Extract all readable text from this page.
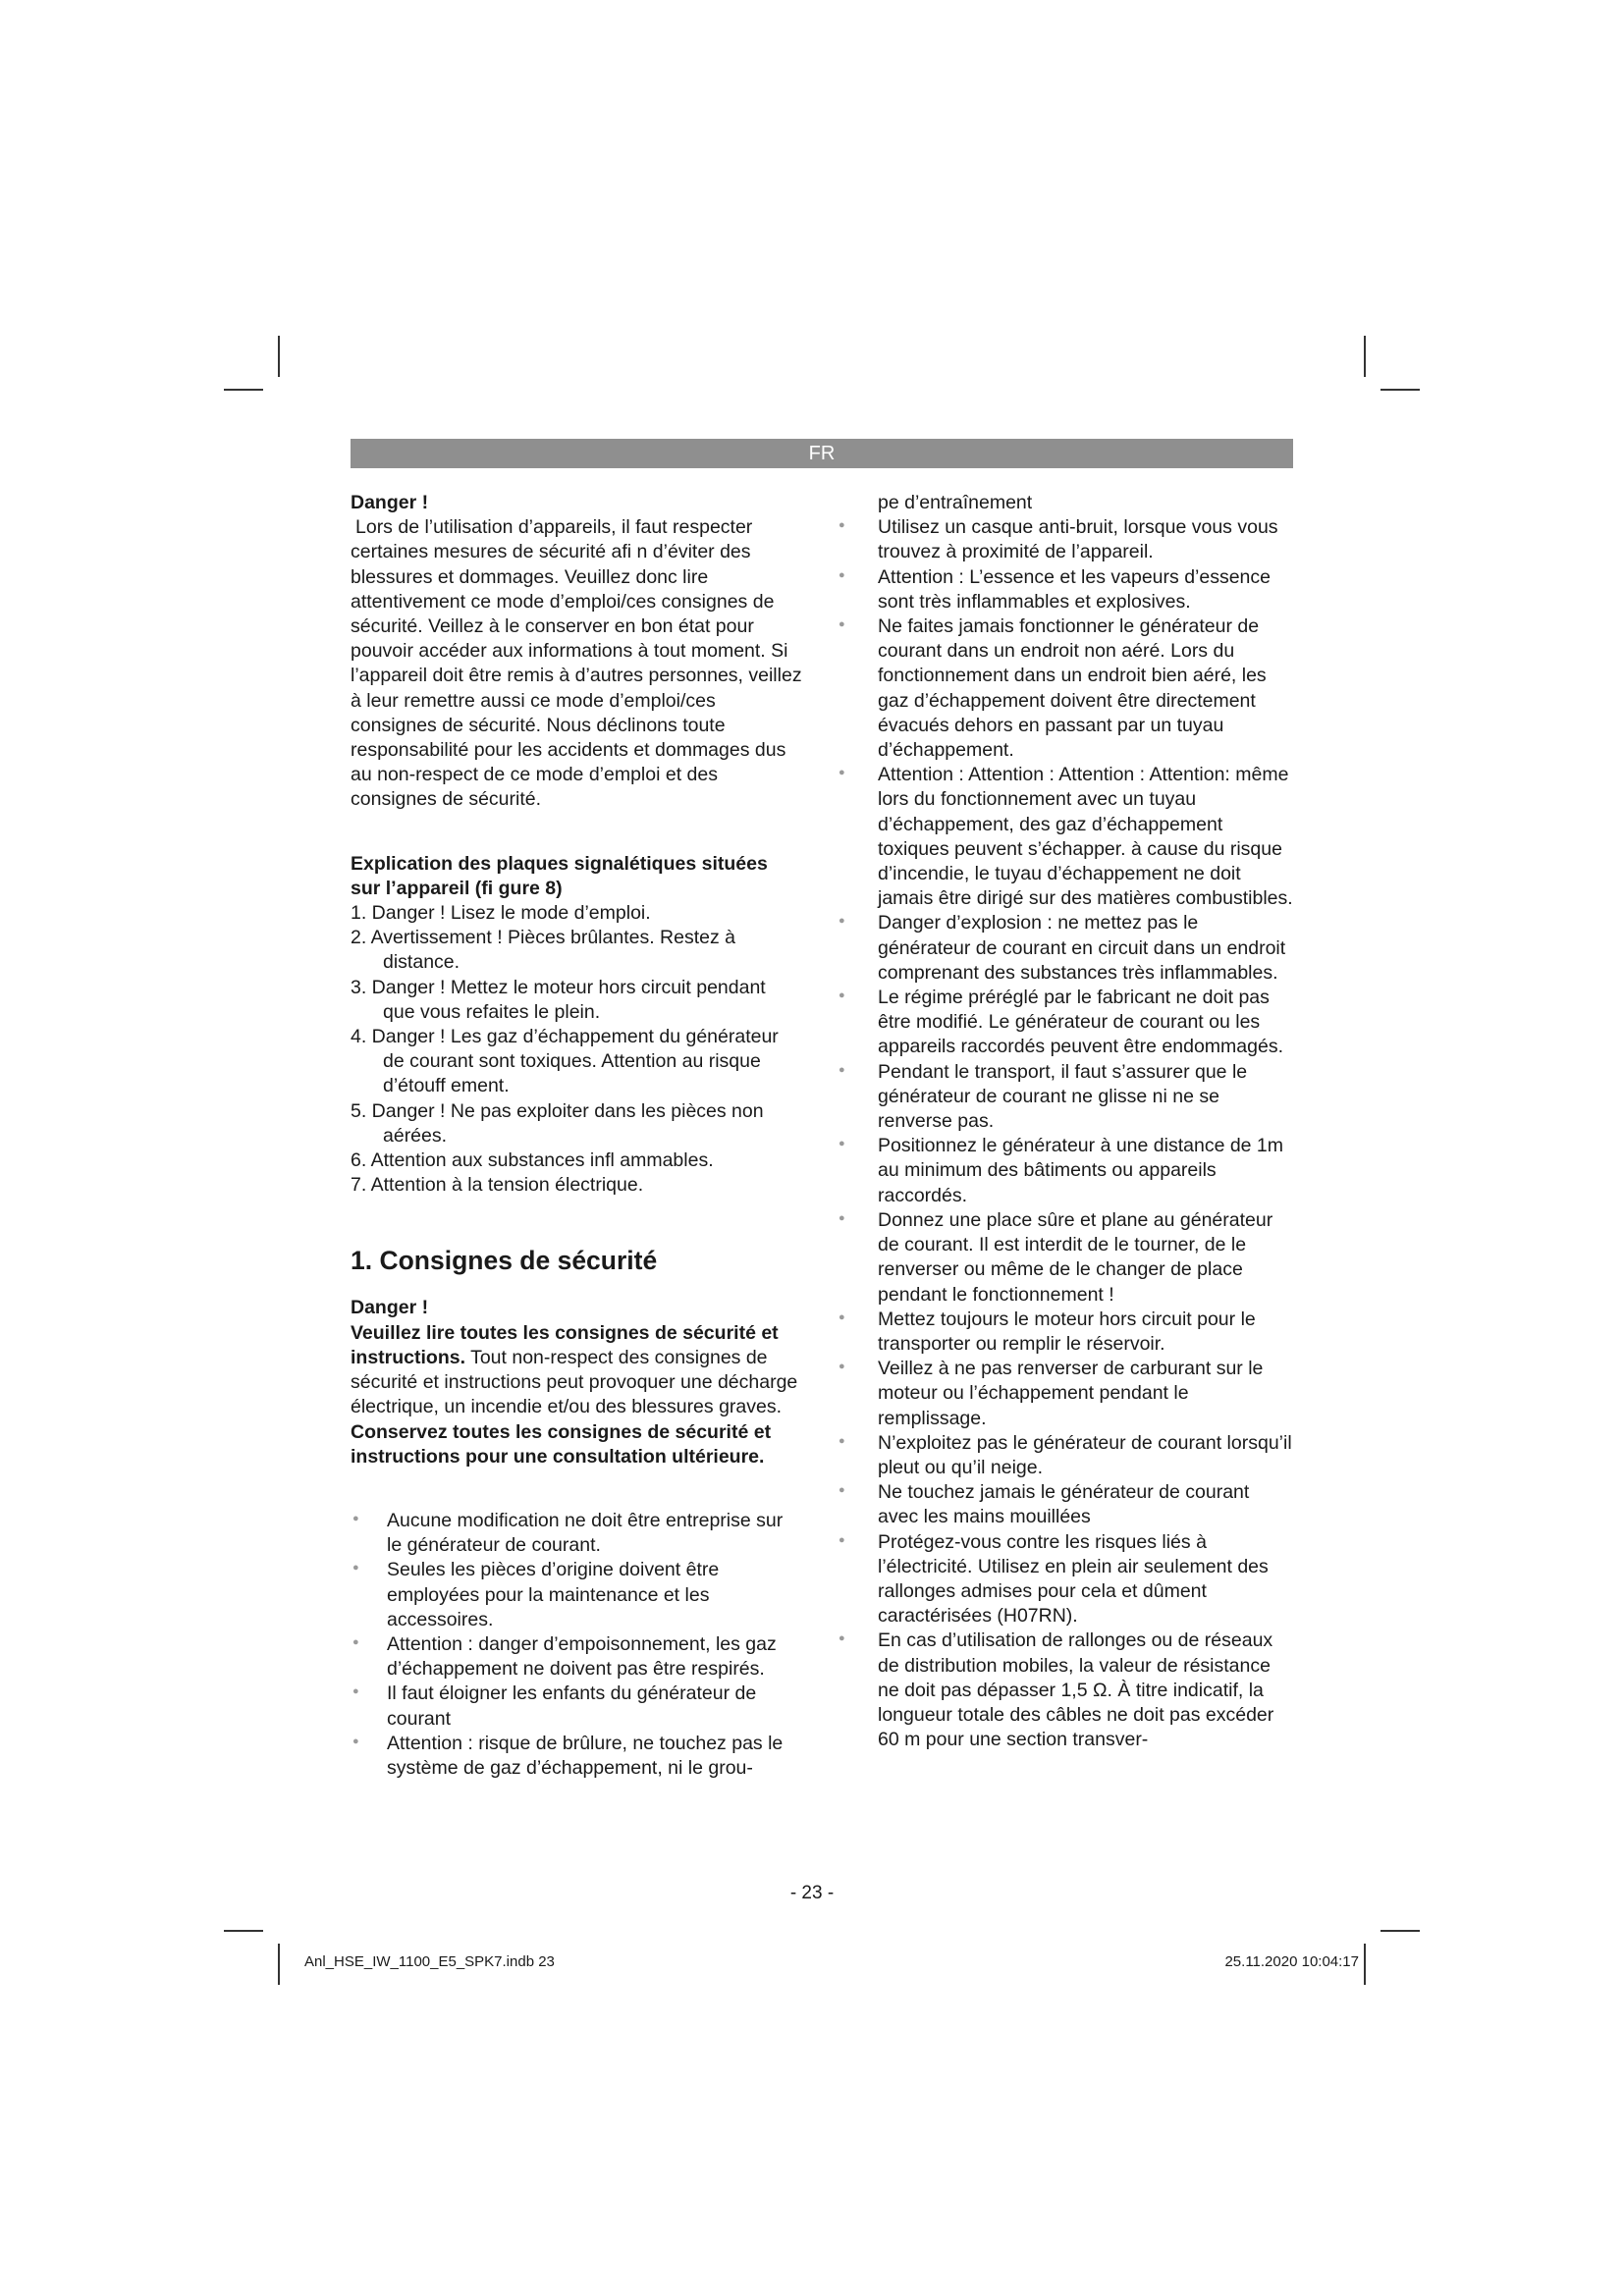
FR

Danger !

Lors de l’utilisation d’appareils, il faut respecter certaines mesures de sécurité afi n d’éviter des blessures et dommages. Veuillez donc lire attentivement ce mode d’emploi/ces consignes de sécurité. Veillez à le conserver en bon état pour pouvoir accéder aux informations à tout moment. Si l’appareil doit être remis à d’autres personnes, veillez à leur remettre aussi ce mode d’emploi/ces consignes de sécurité. Nous déclinons toute responsabilité pour les accidents et dommages dus au non-respect de ce mode d’emploi et des consignes de sécurité.

Explication des plaques signalétiques situées sur l’appareil (fi gure 8)

1. Danger ! Lisez le mode d’emploi.
2. Avertissement ! Pièces brûlantes. Restez à distance.
3. Danger ! Mettez le moteur hors circuit pendant que vous refaites le plein.
4. Danger ! Les gaz d’échappement du générateur de courant sont toxiques. Attention au risque d’étouff ement.
5. Danger ! Ne pas exploiter dans les pièces non aérées.
6. Attention aux substances infl ammables.
7. Attention à la tension électrique.
1. Consignes de sécurité

Danger !

Veuillez lire toutes les consignes de sécurité et instructions. Tout non-respect des consignes de sécurité et instructions peut provoquer une décharge électrique, un incendie et/ou des blessures graves.

Conservez toutes les consignes de sécurité et instructions pour une consultation ultérieure.

● Aucune modification ne doit être entreprise sur le générateur de courant.
● Seules les pièces d’origine doivent être employées pour la maintenance et les accessoires.
● Attention : danger d’empoisonnement, les gaz d’échappement ne doivent pas être respirés.
● Il faut éloigner les enfants du générateur de courant
● Attention : risque de brûlure, ne touchez pas le système de gaz d’échappement, ni le grou-

pe d’entraînement

● Utilisez un casque anti-bruit, lorsque vous vous trouvez à proximité de l’appareil.
● Attention : L’essence et les vapeurs d’essence sont très inflammables et explosives.
● Ne faites jamais fonctionner le générateur de courant dans un endroit non aéré. Lors du fonctionnement dans un endroit bien aéré, les gaz d’échappement doivent être directement évacués dehors en passant par un tuyau d’échappement.
● Attention : Attention : Attention : Attention: même lors du fonctionnement avec un tuyau d’échappement, des gaz d’échappement toxiques peuvent s’échapper. à cause du risque d’incendie, le tuyau d’échappement ne doit jamais être dirigé sur des matières combustibles.
● Danger d’explosion : ne mettez pas le générateur de courant en circuit dans un endroit comprenant des substances très inflammables.
● Le régime préréglé par le fabricant ne doit pas être modifié. Le générateur de courant ou les appareils raccordés peuvent être endommagés.
● Pendant le transport, il faut s’assurer que le générateur de courant ne glisse ni ne se renverse pas.
● Positionnez le générateur à une distance de 1m au minimum des bâtiments ou appareils raccordés.
● Donnez une place sûre et plane au générateur de courant. Il est interdit de le tourner, de le renverser ou même de le changer de place pendant le fonctionnement !
● Mettez toujours le moteur hors circuit pour le transporter ou remplir le réservoir.
● Veillez à ne pas renverser de carburant sur le moteur ou l’échappement pendant le remplissage.
● N’exploitez pas le générateur de courant lorsqu’il pleut ou qu’il neige.
● Ne touchez jamais le générateur de courant avec les mains mouillées
● Protégez-vous contre les risques liés à l’électricité. Utilisez en plein air seulement des rallonges admises pour cela et dûment caractérisées (H07RN).
● En cas d’utilisation de rallonges ou de réseaux de distribution mobiles, la valeur de résistance ne doit pas dépasser 1,5 Ω. À titre indicatif, la longueur totale des câbles ne doit pas excéder 60 m pour une section transver-
- 23 -
Anl_HSE_IW_1100_E5_SPK7.indb 23	25.11.2020 10:04:17
